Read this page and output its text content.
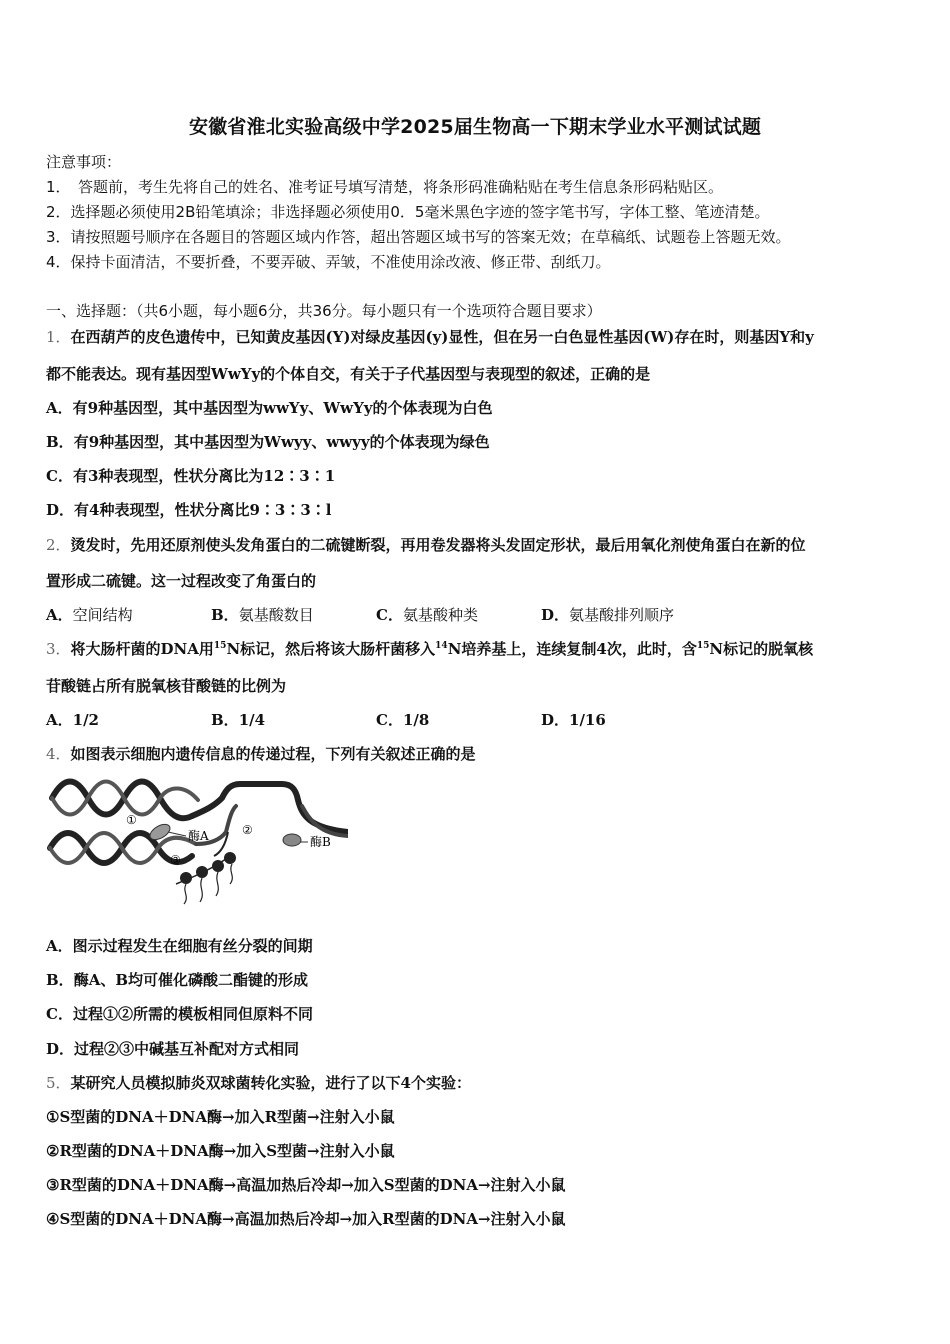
安徽省淮北实验高级中学2025届生物高一下期末学业水平测试试题
注意事项：
1．　答题前，考生先将自己的姓名、准考证号填写清楚，将条形码准确粘贴在考生信息条形码粘贴区。
2．选择题必须使用2B铅笔填涂；非选择题必须使用0．5毫米黑色字迹的签字笔书写，字体工整、笔迹清楚。
3．请按照题号顺序在各题目的答题区域内作答，超出答题区域书写的答案无效；在草稿纸、试题卷上答题无效。
4．保持卡面清洁，不要折叠，不要弄破、弄皱，不准使用涂改液、修正带、刮纸刀。
一、选择题：（共6小题，每小题6分，共36分。每小题只有一个选项符合题目要求）
1．在西葫芦的皮色遗传中，已知黄皮基因(Y)对绿皮基因(y)显性，但在另一白色显性基因(W)存在时，则基因Y和y
都不能表达。现有基因型WwYy的个体自交，有关于子代基因型与表现型的叙述，正确的是
A．有9种基因型，其中基因型为wwYy、WwYy的个体表现为白色
B．有9种基因型，其中基因型为Wwyy、wwyy的个体表现为绿色
C．有3种表现型，性状分离比为12∶3∶1
D．有4种表现型，性状分离比9∶3∶3∶l
2．烫发时，先用还原剂使头发角蛋白的二硫键断裂，再用卷发器将头发固定形状，最后用氧化剂使角蛋白在新的位
置形成二硫键。这一过程改变了角蛋白的
A．空间结构	B．氨基酸数目	C．氨基酸种类	D．氨基酸排列顺序
3．将大肠杆菌的DNA用$^{15}$N标记，然后将该大肠杆菌移入$^{14}$N培养基上，连续复制4次，此时，含$^{15}$N标记的脱氧核
苷酸链占所有脱氧核苷酸链的比例为
A．1/2	B．1/4	C．1/8	D．1/16
4．如图表示细胞内遗传信息的传递过程，下列有关叙述正确的是
酶A
①
②
酶B
③
A．图示过程发生在细胞有丝分裂的间期
B．酶A、B均可催化磷酸二酯键的形成
C．过程①②所需的模板相同但原料不同
D．过程②③中碱基互补配对方式相同
5．某研究人员模拟肺炎双球菌转化实验，进行了以下4个实验：
①S型菌的DNA＋DNA酶→加入R型菌→注射入小鼠
②R型菌的DNA＋DNA酶→加入S型菌→注射入小鼠
③R型菌的DNA＋DNA酶→高温加热后冷却→加入S型菌的DNA→注射入小鼠
④S型菌的DNA＋DNA酶→高温加热后冷却→加入R型菌的DNA→注射入小鼠
